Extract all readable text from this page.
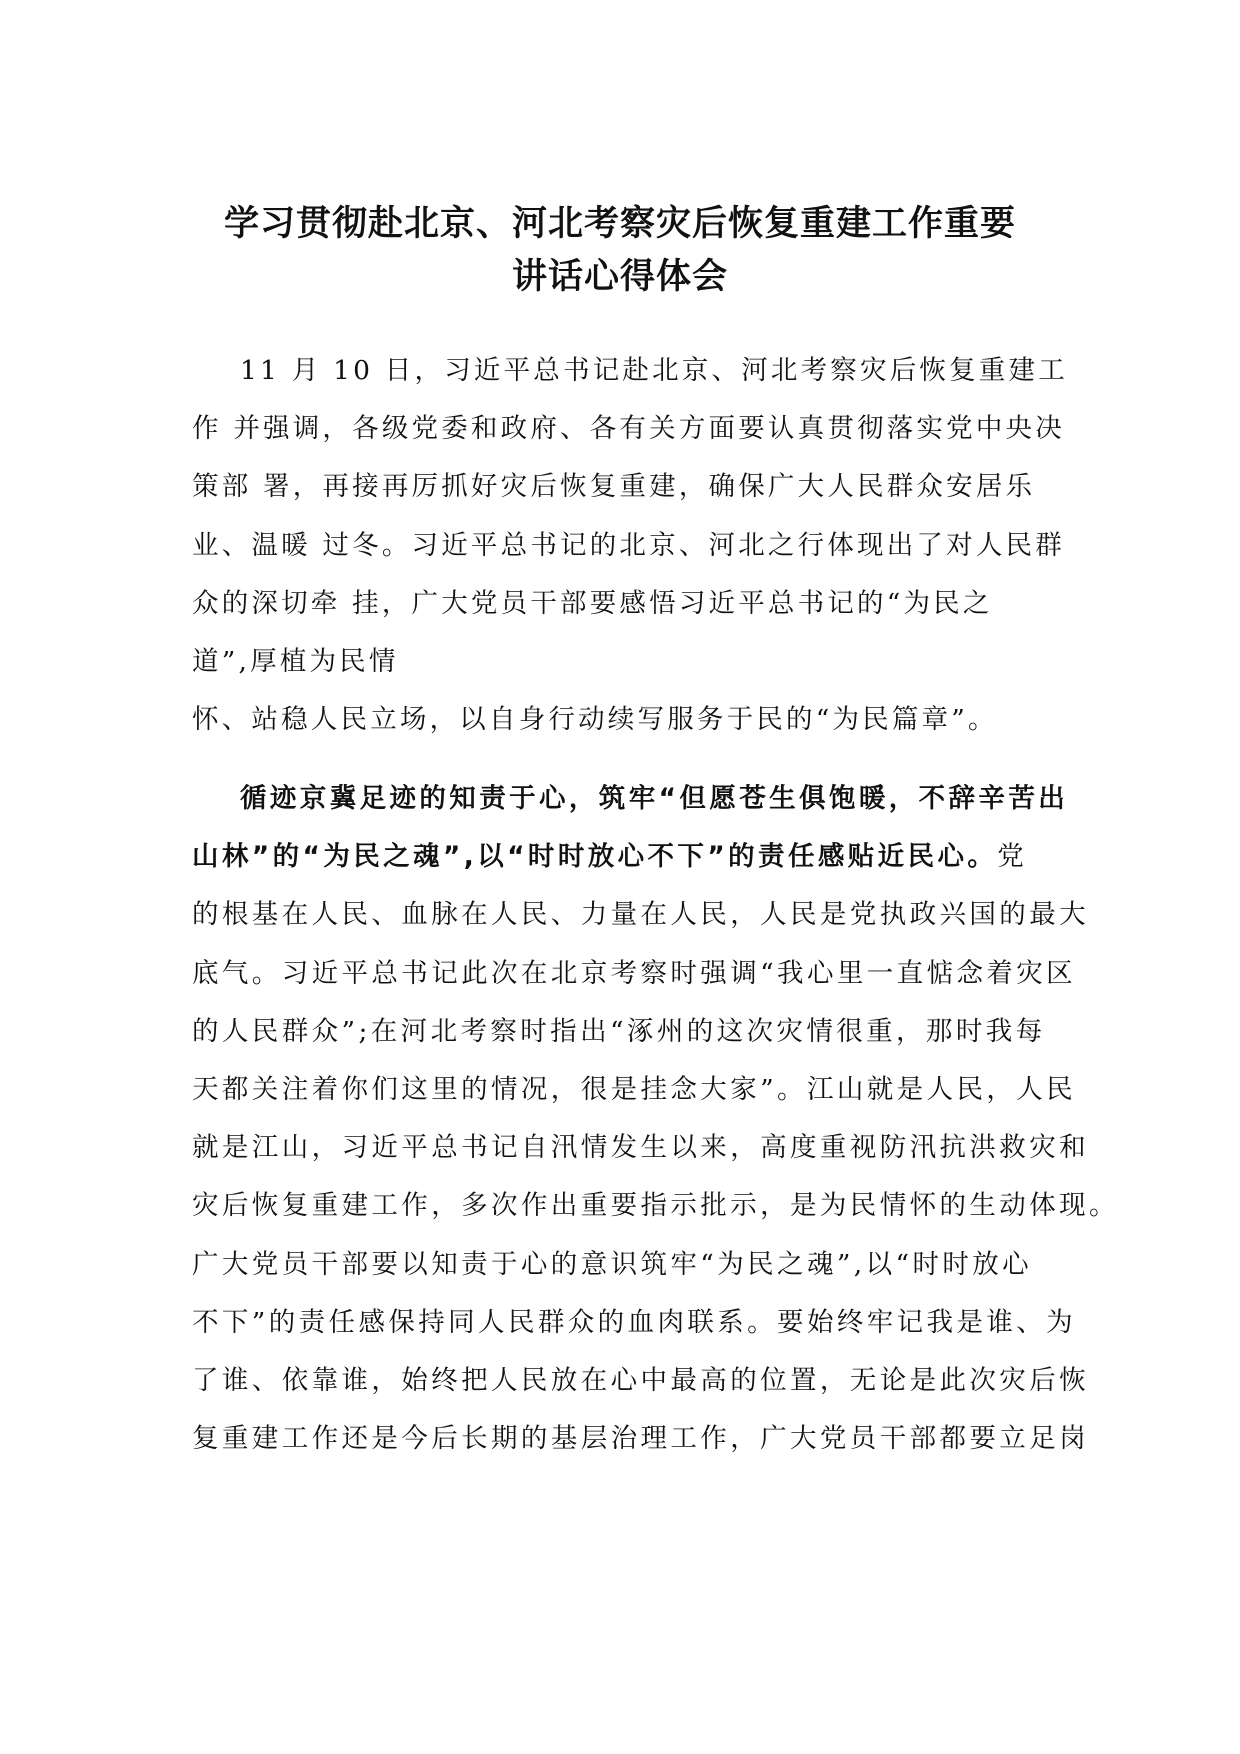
学习贯彻赴北京、河北考察灾后恢复重建工作重要
讲话心得体会
11 月 10 日，习近平总书记赴北京、河北考察灾后恢复重建工
作 并强调，各级党委和政府、各有关方面要认真贯彻落实党中央决
策部 署，再接再厉抓好灾后恢复重建，确保广大人民群众安居乐
业、温暖 过冬。习近平总书记的北京、河北之行体现出了对人民群
众的深切牵 挂，广大党员干部要感悟习近平总书记的“为民之
道”,厚植为民情
怀、站稳人民立场，以自身行动续写服务于民的“为民篇章”。
循迹京冀足迹的知责于心，筑牢“但愿苍生俱饱暖，不辞辛苦出
山林”的“为民之魂”,以“时时放心不下”的责任感贴近民心。党
的根基在人民、血脉在人民、力量在人民，人民是党执政兴国的最大
底气。习近平总书记此次在北京考察时强调“我心里一直惦念着灾区
的人民群众”;在河北考察时指出“涿州的这次灾情很重，那时我每
天都关注着你们这里的情况，很是挂念大家”。江山就是人民，人民
就是江山，习近平总书记自汛情发生以来，高度重视防汛抗洪救灾和
灾后恢复重建工作，多次作出重要指示批示，是为民情怀的生动体现。
广大党员干部要以知责于心的意识筑牢“为民之魂”,以“时时放心
不下”的责任感保持同人民群众的血肉联系。要始终牢记我是谁、为
了谁、依靠谁，始终把人民放在心中最高的位置，无论是此次灾后恢
复重建工作还是今后长期的基层治理工作，广大党员干部都要立足岗
